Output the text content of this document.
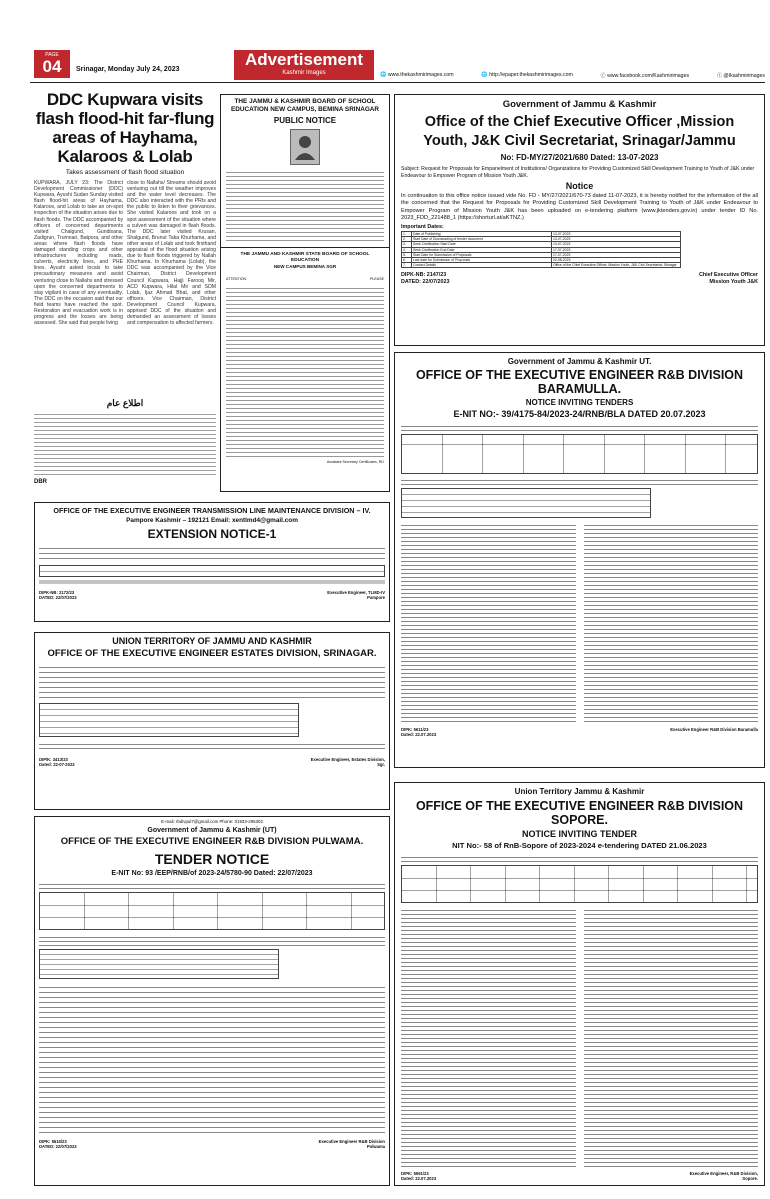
PAGE
04	Srinagar, Monday July 24, 2023
Advertisement
Kashmir Images	🌐 www.thekashmirimages.com	🌐 http://epaper.thekashmirimages.com	ⓕ www.facebook.com/Kashmirimages	ⓣ @Ikashmirimages
DDC Kupwara visits flash flood-hit far-flung areas of Hayhama, Kalaroos & Lolab
Takes assessment of flash flood situation
KUPWARA, JULY 23: The District Development Commissioner (DDC) Kupwara, Ayushi Sudan Sunday visited flash flood-hit areas of Hayhama, Kalaroos, and Lolab to take an on-spot inspection of the situation arises due to flash floods. The DDC accompanied by officers of concerned departments visited Chalgund, Gundisana, Zadigrun, Trumnari, Batpora, and other areas where flash floods have damaged standing crops and other infrastructures including roads, culverts, electricity lines, and PHE lines. Ayushi asked locals to take precautionary measures and avoid venturing close to Nallahs and stressed upon the concerned departments to stay vigilant in case of any eventuality. The DDC on the occasion said that our field teams have reached the spot. Restoration and evacuation work is in progress and the losses are being assessed. She said that people living
close to Nallahs/ Streams should avoid venturing out till the weather improves and the water level decreases. The DDC also interacted with the PRIs and the public to listen to their grievances. She visited Kalaroos and took on a spot assessment of the situation where a culvert was damaged in flash floods. The DDC later visited Krusan, Shalgund, Brunut Taka Khurhama, and other areas of Lolab and took firsthand appraisal of the flood situation arising due to flash floods triggered by Nallah Khurhama. In Khurhama (Lolab), the DDC was accompanied by the Vice Chairman, District Development Council Kupwara, Hajji Farooq Mir, ACD Kupwara, Hilal Mir and SDM Lolab, Ijaz Ahmad Bhat, and other officers. Vice Chairman, District Development Council Kupwara, apprised DDC of the situation and demanded an assessment of losses and compensation to affected farmers.
اطلاع عام
DBR
THE JAMMU & KASHMIR BOARD OF SCHOOL EDUCATION NEW CAMPUS, BEMINA SRINAGAR
PUBLIC NOTICE
THE JAMMU AND KASHMIR STATE BOARD OF SCHOOL EDUCATION
NEW CAMPUS BEMINA SGR
ATTENTION	PLEASE
Assistant Secretary Certificates, RD
OFFICE OF THE EXECUTIVE ENGINEER TRANSMISSION LINE MAINTENANCE DIVISION – IV.
Pampore Kashmir – 192121 Email: xentlmd4@gmail.com
EXTENSION NOTICE-1
DIPK-NB: 2172/23
DATED: 22/07/2023
Executive Engineer, TLMD-IV Pampore
UNION TERRITORY OF JAMMU AND KASHMIR
OFFICE OF THE EXECUTIVE ENGINEER ESTATES DIVISION, SRINAGAR.
DIP/K: 3413/23
Dated: 22-07-2023
Executive Engineer, Estates Division, Sgr.
E-mail: rbdivpul7@gmail.com Phone: 01933-295302
Government of Jammu & Kashmir (UT)
OFFICE OF THE EXECUTIVE ENGINEER R&B DIVISION PULWAMA.
TENDER NOTICE
E-NIT No: 93 /EEP/RNB/of 2023-24/5780-90 Dated: 22/07/2023
DIPK: 5615/23
DATED: 22/07/2023
Executive Engineer R&B Division Pulwama
Government of Jammu & Kashmir
Office of the Chief Executive Officer ,Mission Youth, J&K Civil Secretariat, Srinagar/Jammu
No: FD-MY/27/2021/680 Dated: 13-07-2023
Subject: Request for Proposals for Empanelment of Institutions/ Organizations for Providing Customized Skill Development Training to Youth of J&K under Endeavour to Empower Program of Mission Youth J&K.
Notice
In continuation to this office notice issued vide No. FD - MY/27/2021/670-73 dated 11-07-2023, it is hereby notified for the information of the all the concerned that the Request for Proposals for Providing Customized Skill Development Training to Youth of J&K under Endeavour to Empower Program of Mission Youth J&K has been uploaded on e-tendering platform (www.jktenders.gov.in) under tender ID No. 2023_FDD_221488_1 (https://shorturl.at/aKTNZ.)
Important Dates:
1.	Date of Publishing	13-07-2023
2.	Start Date of Downloading of tender document	13-07-2023
3.	Seek Clarification Start Date	13-07-2023
4.	Seek Clarification End Date	17-07-2023
5.	Start Date for Submission of Proposals	17-07-2023
6.	Last date for Submission of Proposals	02-08-2023
7.	Contact Details	Office of the Chief Executive Officer, Mission Youth, J&K Civil Secretariat, Srinagar
DIPK-NB: 2147/23
DATED: 22/07/2023
Chief Executive Officer Mission Youth J&K
Government of Jammu & Kashmir UT.
OFFICE OF THE EXECUTIVE ENGINEER R&B DIVISION BARAMULLA.
NOTICE INVITING TENDERS
E-NIT NO:- 39/4175-84/2023-24/RNB/BLA DATED 20.07.2023
DIPK: 5611/23
Dated: 22.07.2023
Executive Engineer R&B Division Baramulla
Union Territory Jammu & Kashmir
OFFICE OF THE EXECUTIVE ENGINEER R&B DIVISION SOPORE.
NOTICE INVITING TENDER
NIT No:- 58 of RnB-Sopore of 2023-2024 e-tendering DATED 21.06.2023
DIPK: 5591/23
Dated: 22.07.2023
Executive Engineer, R&B Division, Sopore.
